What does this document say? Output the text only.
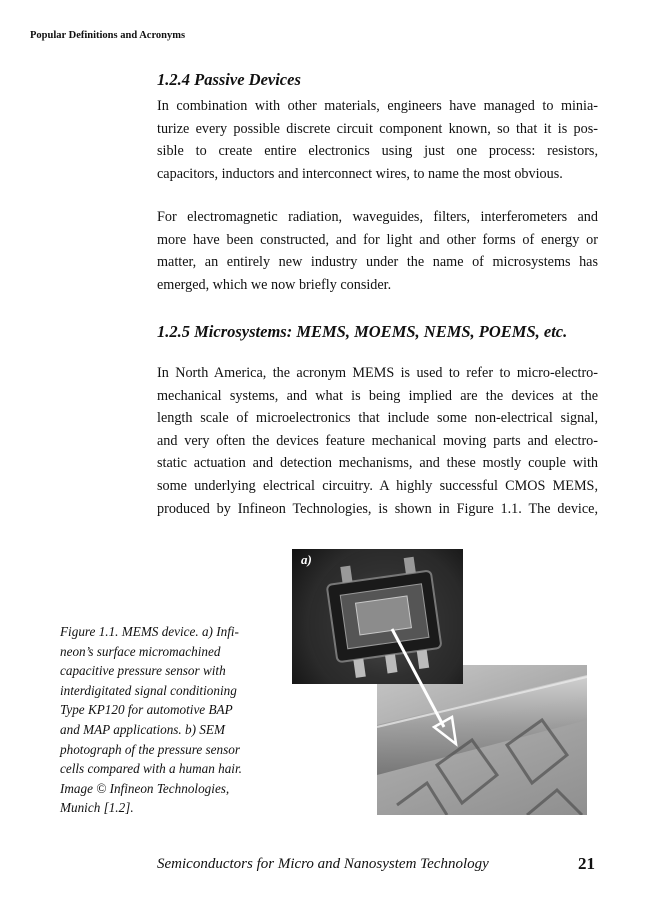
Popular Definitions and Acronyms
1.2.4 Passive Devices
In combination with other materials, engineers have managed to minia-
turize every possible discrete circuit component known, so that it is pos-
sible to create entire electronics using just one process: resistors,
capacitors, inductors and interconnect wires, to name the most obvious.
For electromagnetic radiation, waveguides, filters, interferometers and
more have been constructed, and for light and other forms of energy or
matter, an entirely new industry under the name of microsystems has
emerged, which we now briefly consider.
1.2.5 Microsystems: MEMS, MOEMS, NEMS, POEMS, etc.
In North America, the acronym MEMS is used to refer to micro-electro-
mechanical systems, and what is being implied are the devices at the
length scale of microelectronics that include some non-electrical signal,
and very often the devices feature mechanical moving parts and electro-
static actuation and detection mechanisms, and these mostly couple with
some underlying electrical circuitry. A highly successful CMOS MEMS,
produced by Infineon Technologies, is shown in Figure 1.1. The device,
Figure 1.1. MEMS device. a) Infi-
neon’s surface micromachined
capacitive pressure sensor with
interdigitated signal conditioning
Type KP120 for automotive BAP
and MAP applications. b) SEM
photograph of the pressure sensor
cells compared with a human hair.
Image © Infineon Technologies,
Munich [1.2].
a)
Semiconductors for Micro and Nanosystem Technology	21
